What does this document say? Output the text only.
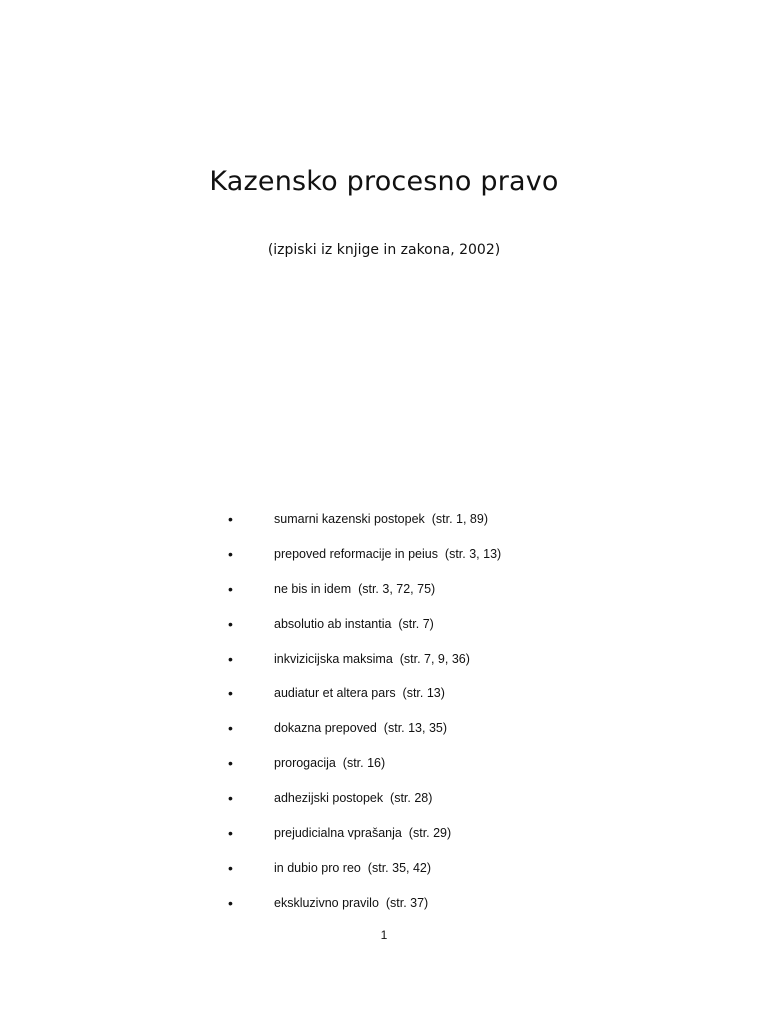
Kazensko procesno pravo
(izpiski iz knjige in zakona, 2002)
•	sumarni kazenski postopek  (str. 1, 89)
•	prepoved reformacije in peius  (str. 3, 13)
•	ne bis in idem  (str. 3, 72, 75)
•	absolutio ab instantia  (str. 7)
•	inkvizicijska maksima  (str. 7, 9, 36)
•	audiatur et altera pars  (str. 13)
•	dokazna prepoved  (str. 13, 35)
•	prorogacija  (str. 16)
•	adhezijski postopek  (str. 28)
•	prejudicialna vprašanja  (str. 29)
•	in dubio pro reo  (str. 35, 42)
•	ekskluzivno pravilo  (str. 37)
1
